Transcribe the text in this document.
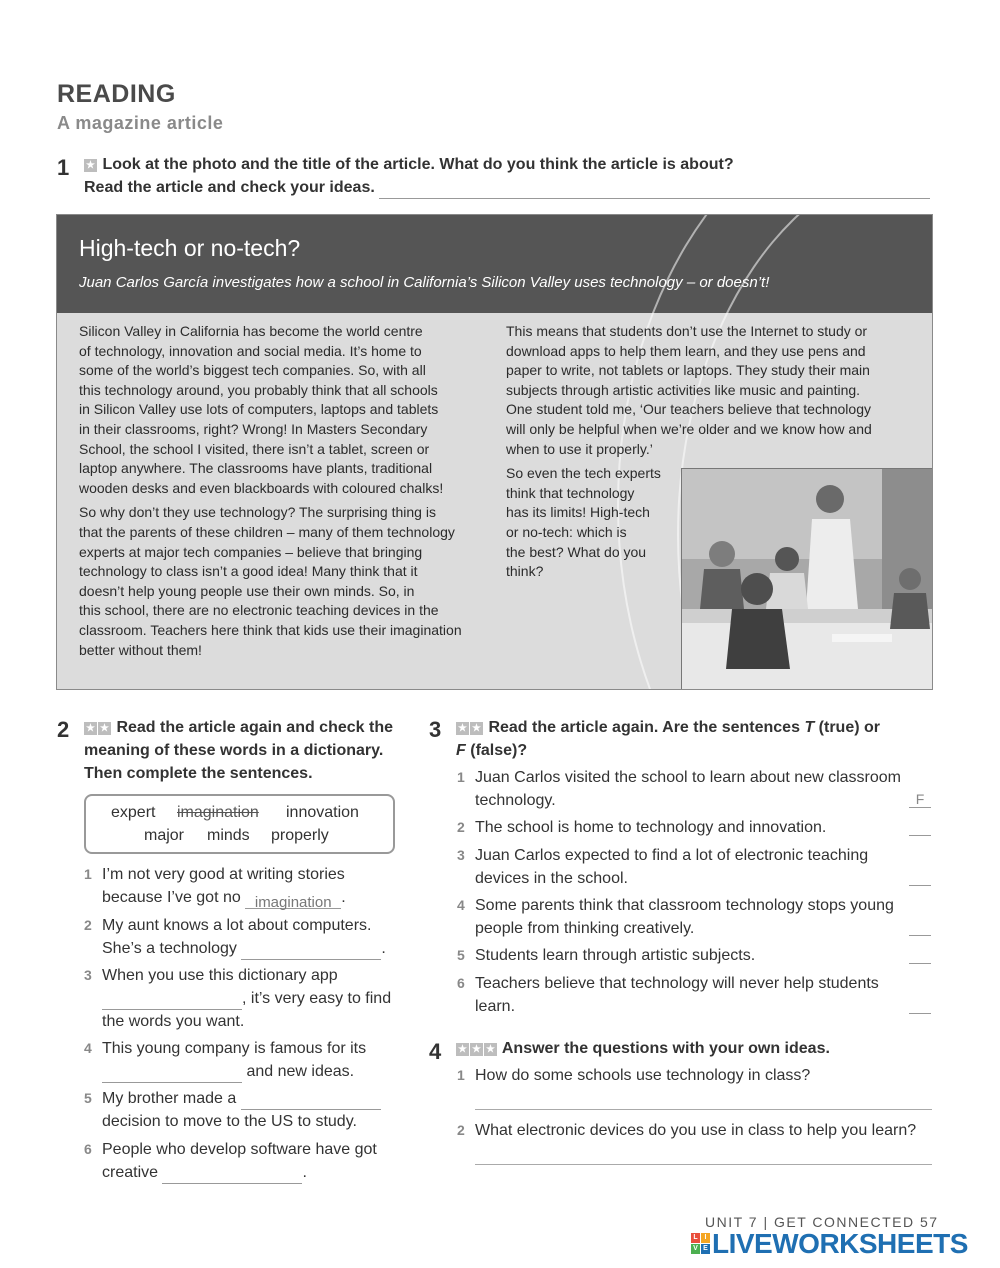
READING
A magazine article
1 ★ Look at the photo and the title of the article. What do you think the article is about?
Read the article and check your ideas.
High-tech or no-tech?
Juan Carlos García investigates how a school in California’s Silicon Valley uses technology – or doesn’t!

Silicon Valley in California has become the world centre
of technology, innovation and social media. It’s home to
some of the world’s biggest tech companies. So, with all
this technology around, you probably think that all schools
in Silicon Valley use lots of computers, laptops and tablets
in their classrooms, right? Wrong! In Masters Secondary
School, the school I visited, there isn’t a tablet, screen or
laptop anywhere. The classrooms have plants, traditional
wooden desks and even blackboards with coloured chalks!

So why don’t they use technology? The surprising thing is
that the parents of these children – many of them technology
experts at major tech companies – believe that bringing
technology to class isn’t a good idea! Many think that it
doesn’t help young people use their own minds. So, in
this school, there are no electronic teaching devices in the
classroom. Teachers here think that kids use their imagination
better without them!

This means that students don’t use the Internet to study or
download apps to help them learn, and they use pens and
paper to write, not tablets or laptops. They study their main
subjects through artistic activities like music and painting.
One student told me, ‘Our teachers believe that technology
will only be helpful when we’re older and we know how and
when to use it properly.’

So even the tech experts
think that technology
has its limits! High-tech
or no-tech: which is
the best? What do you
think?

2 ★ ★ Read the article again and check the
meaning of these words in a dictionary.
Then complete the sentences.
expert imagination innovation
major minds properly
1 I’m not very good at writing stories
because I’ve got no imagination .
2 My aunt knows a lot about computers.
She’s a technology	.
3 When you use this dictionary app
, it’s very easy to find
the words you want.
4 This young company is famous for its
and new ideas.
5 My brother made a
decision to move to the US to study.
6 People who develop software have got
creative	.
3 ★ ★ Read the article again. Are the sentences T (true) or
F (false)?
1 Juan Carlos visited the school to learn about new classroom
technology.	F
2 The school is home to technology and innovation.
3 Juan Carlos expected to find a lot of electronic teaching
devices in the school.
4 Some parents think that classroom technology stops young
people from thinking creatively.
5 Students learn through artistic subjects.
6 Teachers believe that technology will never help students
learn.
4 ★ ★ ★ Answer the questions with your own ideas.
1 How do some schools use technology in class?
2 What electronic devices do you use in class to help you learn?
UNIT 7 | GET CONNECTED 57
L I
V E LIVEWORKSHEETS
